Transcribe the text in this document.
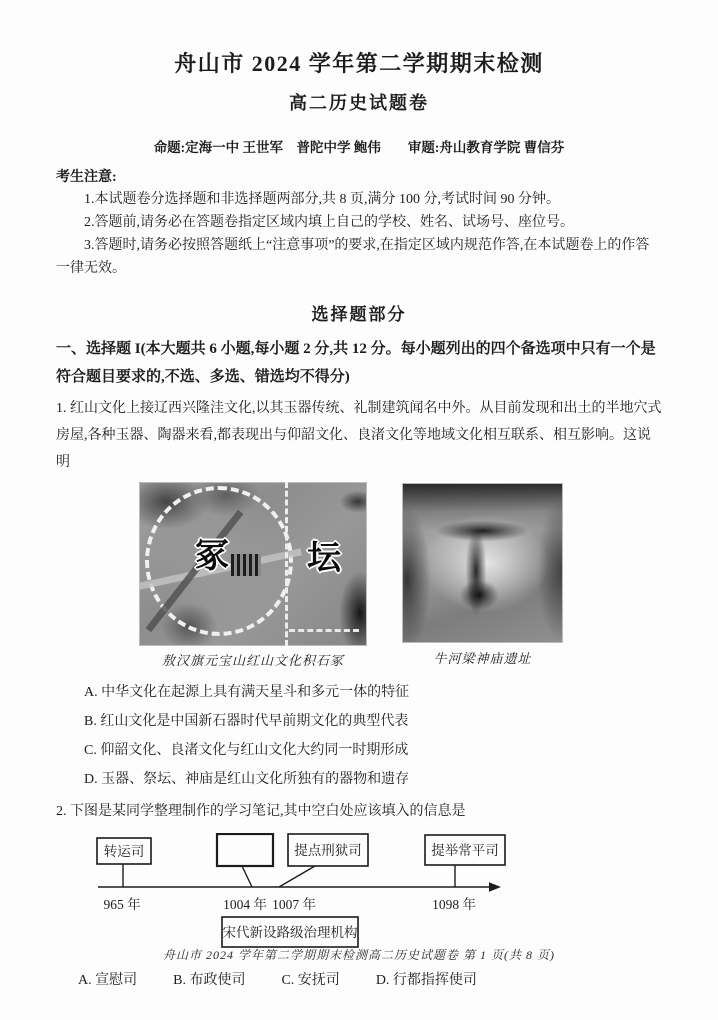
舟山市 2024 学年第二学期期末检测
高二历史试题卷
命题:定海一中 王世军　普陀中学 鲍伟　　审题:舟山教育学院 曹信芬
考生注意:
1.本试题卷分选择题和非选择题两部分,共 8 页,满分 100 分,考试时间 90 分钟。
2.答题前,请务必在答题卷指定区域内填上自己的学校、姓名、试场号、座位号。
3.答题时,请务必按照答题纸上“注意事项”的要求,在指定区域内规范作答,在本试题卷上的作答一律无效。
选择题部分
一、选择题 I(本大题共 6 小题,每小题 2 分,共 12 分。每小题列出的四个备选项中只有一个是符合题目要求的,不选、多选、错选均不得分)
1. 红山文化上接辽西兴隆洼文化,以其玉器传统、礼制建筑闻名中外。从目前发现和出土的半地穴式房屋,各种玉器、陶器来看,都表现出与仰韶文化、良渚文化等地域文化相互联系、相互影响。这说明
冢 坛
敖汉旗元宝山红山文化积石冢	牛河梁神庙遗址
A. 中华文化在起源上具有满天星斗和多元一体的特征
B. 红山文化是中国新石器时代早前期文化的典型代表
C. 仰韶文化、良渚文化与红山文化大约同一时期形成
D. 玉器、祭坛、神庙是红山文化所独有的器物和遗存
2. 下图是某同学整理制作的学习笔记,其中空白处应该填入的信息是
转运司	提点刑狱司	提举常平司
965 年	1004 年 1007 年	1098 年
宋代新设路级治理机构
A. 宣慰司	B. 布政使司	C. 安抚司	D. 行都指挥使司
舟山市 2024 学年第二学期期末检测高二历史试题卷 第 1 页(共 8 页)
